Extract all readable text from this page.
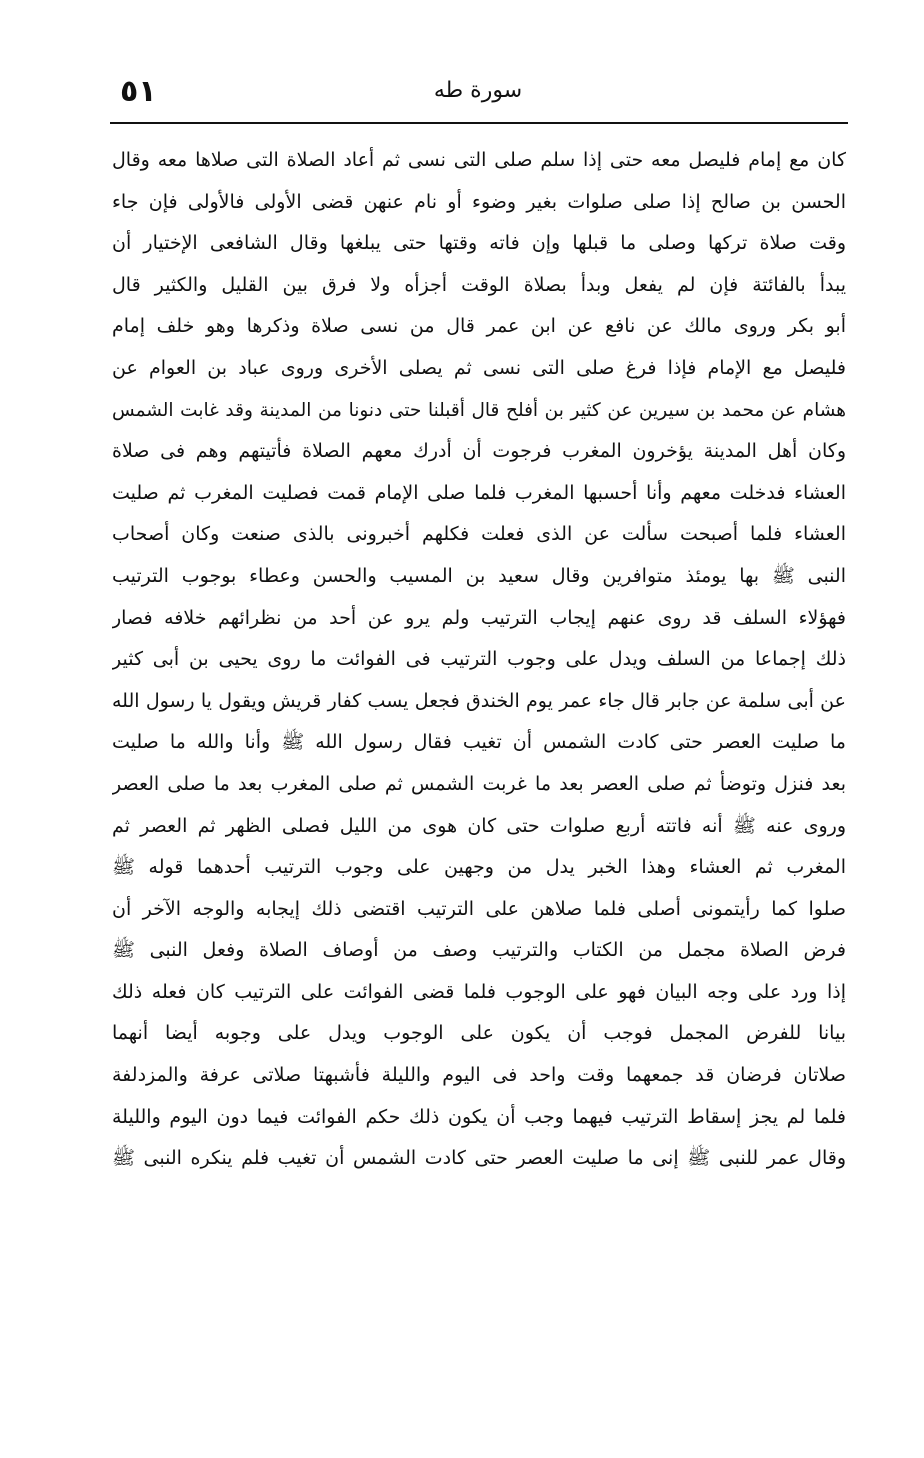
٥١	سورة طه
كان مع إمام فليصل معه حتى إذا سلم صلى التى نسى ثم أعاد الصلاة التى صلاها معه وقال
الحسن بن صالح إذا صلى صلوات بغير وضوء أو نام عنهن قضى الأولى فالأولى فإن جاء
وقت صلاة تركها وصلى ما قبلها وإن فاته وقتها حتى يبلغها وقال الشافعى الإختيار أن
يبدأ بالفائتة فإن لم يفعل وبدأ بصلاة الوقت أجزأه ولا فرق بين القليل والكثير قال
أبو بكر وروى مالك عن نافع عن ابن عمر قال من نسى صلاة وذكرها وهو خلف إمام
فليصل مع الإمام فإذا فرغ صلى التى نسى ثم يصلى الأخرى وروى عباد بن العوام عن
هشام عن محمد بن سيرين عن كثير بن أفلح قال أقبلنا حتى دنونا من المدينة وقد غابت الشمس
وكان أهل المدينة يؤخرون المغرب فرجوت أن أدرك معهم الصلاة فأتيتهم وهم فى صلاة
العشاء فدخلت معهم وأنا أحسبها المغرب فلما صلى الإمام قمت فصليت المغرب ثم صليت
العشاء فلما أصبحت سألت عن الذى فعلت فكلهم أخبرونى بالذى صنعت وكان أصحاب
النبى ﷺ بها يومئذ متوافرين وقال سعيد بن المسيب والحسن وعطاء بوجوب الترتيب
فهؤلاء السلف قد روى عنهم إيجاب الترتيب ولم يرو عن أحد من نظرائهم خلافه فصار
ذلك إجماعا من السلف ويدل على وجوب الترتيب فى الفوائت ما روى يحيى بن أبى كثير
عن أبى سلمة عن جابر قال جاء عمر يوم الخندق فجعل يسب كفار قريش ويقول يا رسول الله
ما صليت العصر حتى كادت الشمس أن تغيب فقال رسول الله ﷺ وأنا والله ما صليت
بعد فنزل وتوضأ ثم صلى العصر بعد ما غربت الشمس ثم صلى المغرب بعد ما صلى العصر
وروى عنه ﷺ أنه فاتته أربع صلوات حتى كان هوى من الليل فصلى الظهر ثم العصر ثم
المغرب ثم العشاء وهذا الخبر يدل من وجهين على وجوب الترتيب أحدهما قوله ﷺ
صلوا كما رأيتمونى أصلى فلما صلاهن على الترتيب اقتضى ذلك إيجابه والوجه الآخر أن
فرض الصلاة مجمل من الكتاب والترتيب وصف من أوصاف الصلاة وفعل النبى ﷺ
إذا ورد على وجه البيان فهو على الوجوب فلما قضى الفوائت على الترتيب كان فعله ذلك
بيانا للفرض المجمل فوجب أن يكون على الوجوب ويدل على وجوبه أيضا أنهما
صلاتان فرضان قد جمعهما وقت واحد فى اليوم والليلة فأشبهتا صلاتى عرفة والمزدلفة
فلما لم يجز إسقاط الترتيب فيهما وجب أن يكون ذلك حكم الفوائت فيما دون اليوم والليلة
وقال عمر للنبى ﷺ إنى ما صليت العصر حتى كادت الشمس أن تغيب فلم ينكره النبى ﷺ
